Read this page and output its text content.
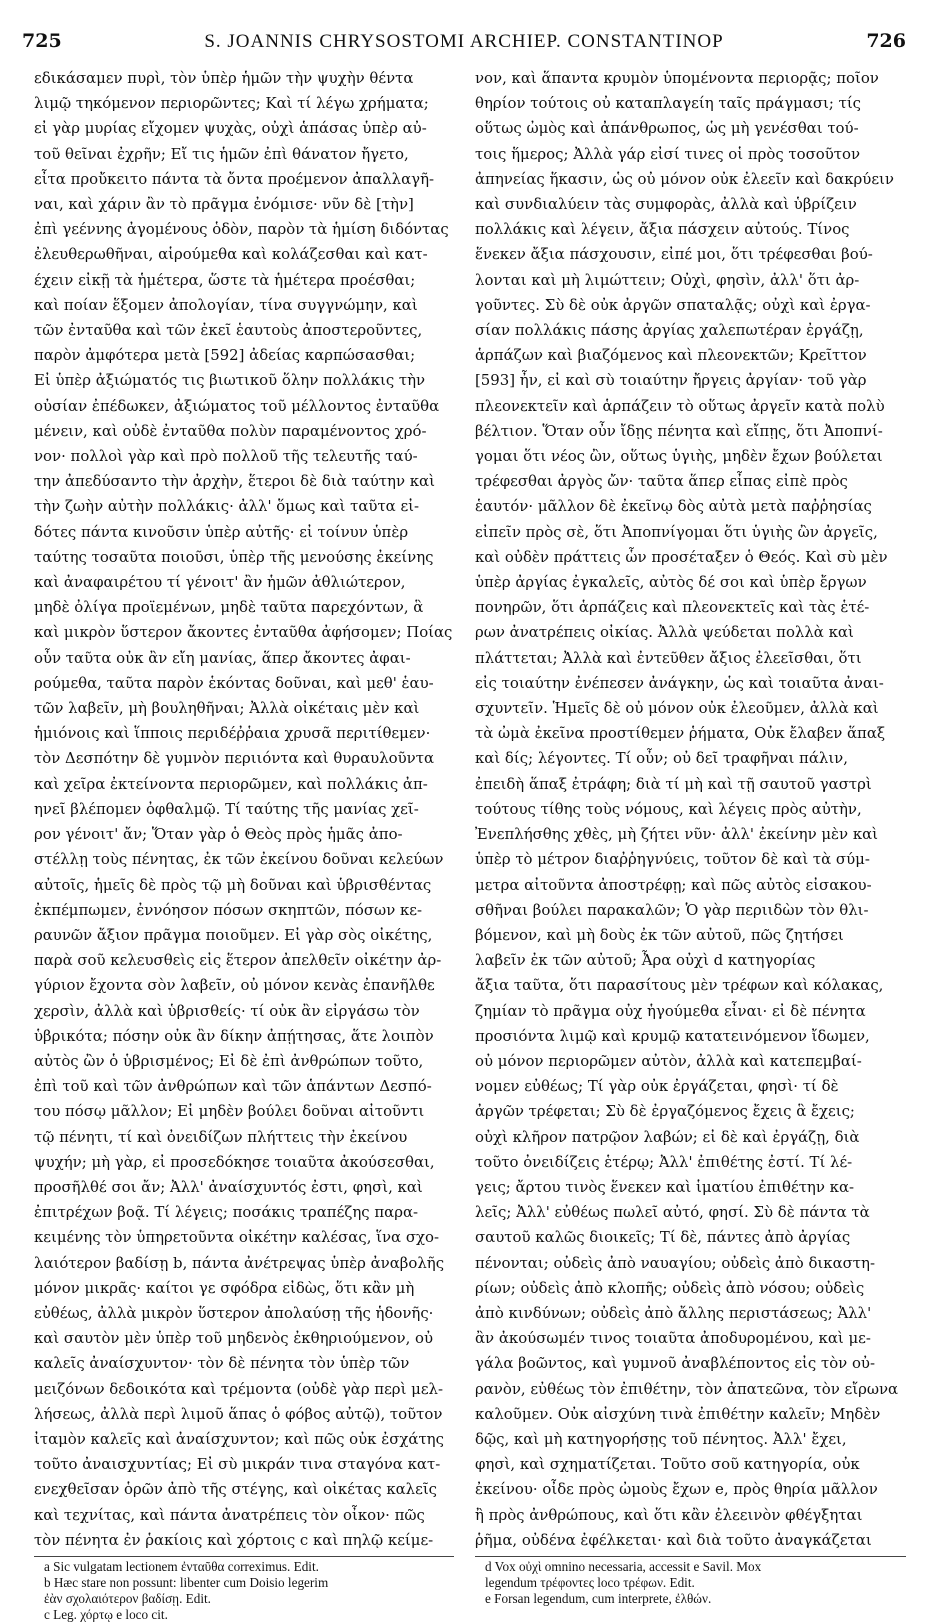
725	S. JOANNIS CHRYSOSTOMI ARCHIEP. CONSTANTINOP	726
εδικάσαμεν πυρὶ, τὸν ὑπὲρ ἡμῶν τὴν ψυχὴν θέντα
λιμῷ τηκόμενον περιορῶντες; Καὶ τί λέγω χρήματα;
εἰ γὰρ μυρίας εἴχομεν ψυχὰς, οὐχὶ ἁπάσας ὑπὲρ αὐ-
τοῦ θεῖναι ἐχρῆν; Εἴ τις ἡμῶν ἐπὶ θάνατον ἤγετο,
εἶτα προὔκειτο πάντα τὰ ὄντα προέμενον ἀπαλλαγῆ-
ναι, καὶ χάριν ἂν τὸ πρᾶγμα ἐνόμισε· νῦν δὲ [τὴν]
ἐπὶ γεέννης ἀγομένους ὁδὸν, παρὸν τὰ ἡμίση διδόντας
ἐλευθερωθῆναι, αἱρούμεθα καὶ κολάζεσθαι καὶ κατ-
έχειν εἰκῇ τὰ ἡμέτερα, ὥστε τὰ ἡμέτερα προέσθαι;
καὶ ποίαν ἕξομεν ἀπολογίαν, τίνα συγγνώμην, καὶ
τῶν ἐνταῦθα καὶ τῶν ἐκεῖ ἑαυτοὺς ἀποστεροῦντες,
παρὸν ἀμφότερα μετὰ [592] ἀδείας καρπώσασθαι;
Εἰ ὑπὲρ ἀξιώματός τις βιωτικοῦ ὅλην πολλάκις τὴν
οὐσίαν ἐπέδωκεν, ἀξιώματος τοῦ μέλλοντος ἐνταῦθα
μένειν, καὶ οὐδὲ ἐνταῦθα πολὺν παραμένοντος χρό-
νον· πολλοὶ γὰρ καὶ πρὸ πολλοῦ τῆς τελευτῆς ταύ-
την ἀπεδύσαντο τὴν ἀρχὴν, ἕτεροι δὲ διὰ ταύτην καὶ
τὴν ζωὴν αὐτὴν πολλάκις· ἀλλ' ὅμως καὶ ταῦτα εἰ-
δότες πάντα κινοῦσιν ὑπὲρ αὐτῆς· εἰ τοίνυν ὑπὲρ
ταύτης τοσαῦτα ποιοῦσι, ὑπὲρ τῆς μενούσης ἐκείνης
καὶ ἀναφαιρέτου τί γένοιτ' ἂν ἡμῶν ἀθλιώτερον,
μηδὲ ὀλίγα προϊεμένων, μηδὲ ταῦτα παρεχόντων, ἃ
καὶ μικρὸν ὕστερον ἄκοντες ἐνταῦθα ἀφήσομεν; Ποίας
οὖν ταῦτα οὐκ ἂν εἴη μανίας, ἅπερ ἄκοντες ἀφαι-
ρούμεθα, ταῦτα παρὸν ἑκόντας δοῦναι, καὶ μεθ' ἑαυ-
τῶν λαβεῖν, μὴ βουληθῆναι; Ἀλλὰ οἰκέταις μὲν καὶ
ἡμιόνοις καὶ ἵπποις περιδέῤῥαια χρυσᾶ περιτίθεμεν·
τὸν Δεσπότην δὲ γυμνὸν περιιόντα καὶ θυραυλοῦντα
καὶ χεῖρα ἐκτείνοντα περιορῶμεν, καὶ πολλάκις ἀπ-
ηνεῖ βλέπομεν ὀφθαλμῷ. Τί ταύτης τῆς μανίας χεῖ-
ρον γένοιτ' ἄν; Ὅταν γὰρ ὁ Θεὸς πρὸς ἡμᾶς ἀπο-
στέλλῃ τοὺς πένητας, ἐκ τῶν ἐκείνου δοῦναι κελεύων
αὐτοῖς, ἡμεῖς δὲ πρὸς τῷ μὴ δοῦναι καὶ ὑβρισθέντας
ἐκπέμπωμεν, ἐννόησον πόσων σκηπτῶν, πόσων κε-
ραυνῶν ἄξιον πρᾶγμα ποιοῦμεν. Εἰ γὰρ σὸς οἰκέτης,
παρὰ σοῦ κελευσθεὶς εἰς ἕτερον ἀπελθεῖν οἰκέτην ἀρ-
γύριον ἔχοντα σὸν λαβεῖν, οὐ μόνον κενὰς ἐπανῆλθε
χερσὶν, ἀλλὰ καὶ ὑβρισθείς· τί οὐκ ἂν εἰργάσω τὸν
ὑβρικότα; πόσην οὐκ ἂν δίκην ἀπῄτησας, ἅτε λοιπὸν
αὐτὸς ὢν ὁ ὑβρισμένος; Εἰ δὲ ἐπὶ ἀνθρώπων τοῦτο,
ἐπὶ τοῦ καὶ τῶν ἀνθρώπων καὶ τῶν ἁπάντων Δεσπό-
του πόσῳ μᾶλλον; Εἰ μηδὲν βούλει δοῦναι αἰτοῦντι
τῷ πένητι, τί καὶ ὀνειδίζων πλήττεις τὴν ἐκείνου
ψυχήν; μὴ γὰρ, εἰ προσεδόκησε τοιαῦτα ἀκούσεσθαι,
προσῆλθέ σοι ἄν; Ἀλλ' ἀναίσχυντός ἐστι, φησὶ, καὶ
ἐπιτρέχων βοᾷ. Τί λέγεις; ποσάκις τραπέζης παρα-
κειμένης τὸν ὑπηρετοῦντα οἰκέτην καλέσας, ἵνα σχο-
λαιότερον βαδίσῃ b, πάντα ἀνέτρεψας ὑπὲρ ἀναβολῆς
μόνον μικρᾶς· καίτοι γε σφόδρα εἰδὼς, ὅτι κἂν μὴ
εὐθέως, ἀλλὰ μικρὸν ὕστερον ἀπολαύσῃ τῆς ἡδονῆς·
καὶ σαυτὸν μὲν ὑπὲρ τοῦ μηδενὸς ἐκθηριούμενον, οὐ
καλεῖς ἀναίσχυντον· τὸν δὲ πένητα τὸν ὑπὲρ τῶν
μειζόνων δεδοικότα καὶ τρέμοντα (οὐδὲ γὰρ περὶ μελ-
λήσεως, ἀλλὰ περὶ λιμοῦ ἅπας ὁ φόβος αὐτῷ), τοῦτον
ἰταμὸν καλεῖς καὶ ἀναίσχυντον; καὶ πῶς οὐκ ἐσχάτης
τοῦτο ἀναισχυντίας; Εἰ σὺ μικράν τινα σταγόνα κατ-
ενεχθεῖσαν ὁρῶν ἀπὸ τῆς στέγης, καὶ οἰκέτας καλεῖς
καὶ τεχνίτας, καὶ πάντα ἀνατρέπεις τὸν οἶκον· πῶς
τὸν πένητα ἐν ῥακίοις καὶ χόρτοις c καὶ πηλῷ κείμε-
a Sic vulgatam lectionem ἐνταῦθα correximus. Edit.
b Hæc stare non possunt: libenter cum Doisio legerim
ἐὰν σχολαιότερον βαδίσῃ. Edit.
c Leg. χόρτῳ e loco cit.
νον, καὶ ἅπαντα κρυμὸν ὑπομένοντα περιορᾷς; ποῖον
θηρίον τούτοις οὐ καταπλαγείη ταῖς πράγμασι; τίς
οὕτως ὠμὸς καὶ ἀπάνθρωπος, ὡς μὴ γενέσθαι τού-
τοις ἥμερος; Ἀλλὰ γάρ εἰσί τινες οἱ πρὸς τοσοῦτον
ἀπηνείας ἥκασιν, ὡς οὐ μόνον οὐκ ἐλεεῖν καὶ δακρύειν
καὶ συνδιαλύειν τὰς συμφορὰς, ἀλλὰ καὶ ὑβρίζειν
πολλάκις καὶ λέγειν, ἄξια πάσχειν αὐτούς. Τίνος
ἕνεκεν ἄξια πάσχουσιν, εἰπέ μοι, ὅτι τρέφεσθαι βού-
λονται καὶ μὴ λιμώττειν; Οὐχὶ, φησὶν, ἀλλ' ὅτι ἀρ-
γοῦντες. Σὺ δὲ οὐκ ἀργῶν σπαταλᾷς; οὐχὶ καὶ ἐργα-
σίαν πολλάκις πάσης ἀργίας χαλεπωτέραν ἐργάζῃ,
ἁρπάζων καὶ βιαζόμενος καὶ πλεονεκτῶν; Κρεῖττον
[593] ἦν, εἰ καὶ σὺ τοιαύτην ἤργεις ἀργίαν· τοῦ γὰρ
πλεονεκτεῖν καὶ ἁρπάζειν τὸ οὕτως ἀργεῖν κατὰ πολὺ
βέλτιον. Ὅταν οὖν ἴδῃς πένητα καὶ εἴπῃς, ὅτι Ἀποπνί-
γομαι ὅτι νέος ὢν, οὕτως ὑγιὴς, μηδὲν ἔχων βούλεται
τρέφεσθαι ἀργὸς ὤν· ταῦτα ἅπερ εἶπας εἰπὲ πρὸς
ἑαυτόν· μᾶλλον δὲ ἐκεῖνῳ δὸς αὐτὰ μετὰ παῤῥησίας
εἰπεῖν πρὸς σὲ, ὅτι Ἀποπνίγομαι ὅτι ὑγιὴς ὢν ἀργεῖς,
καὶ οὐδὲν πράττεις ὧν προσέταξεν ὁ Θεός. Καὶ σὺ μὲν
ὑπὲρ ἀργίας ἐγκαλεῖς, αὐτὸς δέ σοι καὶ ὑπὲρ ἔργων
πονηρῶν, ὅτι ἁρπάζεις καὶ πλεονεκτεῖς καὶ τὰς ἑτέ-
ρων ἀνατρέπεις οἰκίας. Ἀλλὰ ψεύδεται πολλὰ καὶ
πλάττεται; Ἀλλὰ καὶ ἐντεῦθεν ἄξιος ἐλεεῖσθαι, ὅτι
εἰς τοιαύτην ἐνέπεσεν ἀνάγκην, ὡς καὶ τοιαῦτα ἀναι-
σχυντεῖν. Ἡμεῖς δὲ οὐ μόνον οὐκ ἐλεοῦμεν, ἀλλὰ καὶ
τὰ ὠμὰ ἐκεῖνα προστίθεμεν ῥήματα, Οὐκ ἔλαβεν ἅπαξ
καὶ δίς; λέγοντες. Τί οὖν; οὐ δεῖ τραφῆναι πάλιν,
ἐπειδὴ ἅπαξ ἐτράφη; διὰ τί μὴ καὶ τῇ σαυτοῦ γαστρὶ
τούτους τίθης τοὺς νόμους, καὶ λέγεις πρὸς αὐτὴν,
Ἐνεπλήσθης χθὲς, μὴ ζήτει νῦν· ἀλλ' ἐκείνην μὲν καὶ
ὑπὲρ τὸ μέτρον διαῤῥηγνύεις, τοῦτον δὲ καὶ τὰ σύμ-
μετρα αἰτοῦντα ἀποστρέφῃ; καὶ πῶς αὐτὸς εἰσακου-
σθῆναι βούλει παρακαλῶν; Ὁ γὰρ περιιδὼν τὸν θλι-
βόμενον, καὶ μὴ δοὺς ἐκ τῶν αὐτοῦ, πῶς ζητήσει
λαβεῖν ἐκ τῶν αὐτοῦ; Ἆρα οὐχὶ d κατηγορίας
ἄξια ταῦτα, ὅτι παρασίτους μὲν τρέφων καὶ κόλακας,
ζημίαν τὸ πρᾶγμα οὐχ ἡγούμεθα εἶναι· εἰ δὲ πένητα
προσιόντα λιμῷ καὶ κρυμῷ κατατεινόμενον ἴδωμεν,
οὐ μόνον περιορῶμεν αὐτὸν, ἀλλὰ καὶ κατεπεμβαί-
νομεν εὐθέως; Τί γὰρ οὐκ ἐργάζεται, φησὶ· τί δὲ
ἀργῶν τρέφεται; Σὺ δὲ ἐργαζόμενος ἔχεις ἃ ἔχεις;
οὐχὶ κλῆρον πατρῷον λαβών; εἰ δὲ καὶ ἐργάζῃ, διὰ
τοῦτο ὀνειδίζεις ἑτέρῳ; Ἀλλ' ἐπιθέτης ἐστί. Τί λέ-
γεις; ἄρτου τινὸς ἕνεκεν καὶ ἱματίου ἐπιθέτην κα-
λεῖς; Ἀλλ' εὐθέως πωλεῖ αὐτό, φησί. Σὺ δὲ πάντα τὰ
σαυτοῦ καλῶς διοικεῖς; Τί δὲ, πάντες ἀπὸ ἀργίας
πένονται; οὐδεὶς ἀπὸ ναυαγίου; οὐδεὶς ἀπὸ δικαστη-
ρίων; οὐδεὶς ἀπὸ κλοπῆς; οὐδεὶς ἀπὸ νόσου; οὐδεὶς
ἀπὸ κινδύνων; οὐδεὶς ἀπὸ ἄλλης περιστάσεως; Ἀλλ'
ἂν ἀκούσωμέν τινος τοιαῦτα ἀποδυρομένου, καὶ με-
γάλα βοῶντος, καὶ γυμνοῦ ἀναβλέποντος εἰς τὸν οὐ-
ρανὸν, εὐθέως τὸν ἐπιθέτην, τὸν ἀπατεῶνα, τὸν εἴρωνα
καλοῦμεν. Οὐκ αἰσχύνη τινὰ ἐπιθέτην καλεῖν; Μηδὲν
δῷς, καὶ μὴ κατηγορήσῃς τοῦ πένητος. Ἀλλ' ἔχει,
φησὶ, καὶ σχηματίζεται. Τοῦτο σοῦ κατηγορία, οὐκ
ἐκείνου· οἶδε πρὸς ὠμοὺς ἔχων e, πρὸς θηρία μᾶλλον
ἢ πρὸς ἀνθρώπους, καὶ ὅτι κἂν ἐλεεινὸν φθέγξηται
ῥῆμα, οὐδένα ἐφέλκεται· καὶ διὰ τοῦτο ἀναγκάζεται
d Vox οὐχὶ omnino necessaria, accessit e Savil. Mox
legendum τρέφοντες loco τρέφων. Edit.
e Forsan legendum, cum interprete, ἐλθών.
